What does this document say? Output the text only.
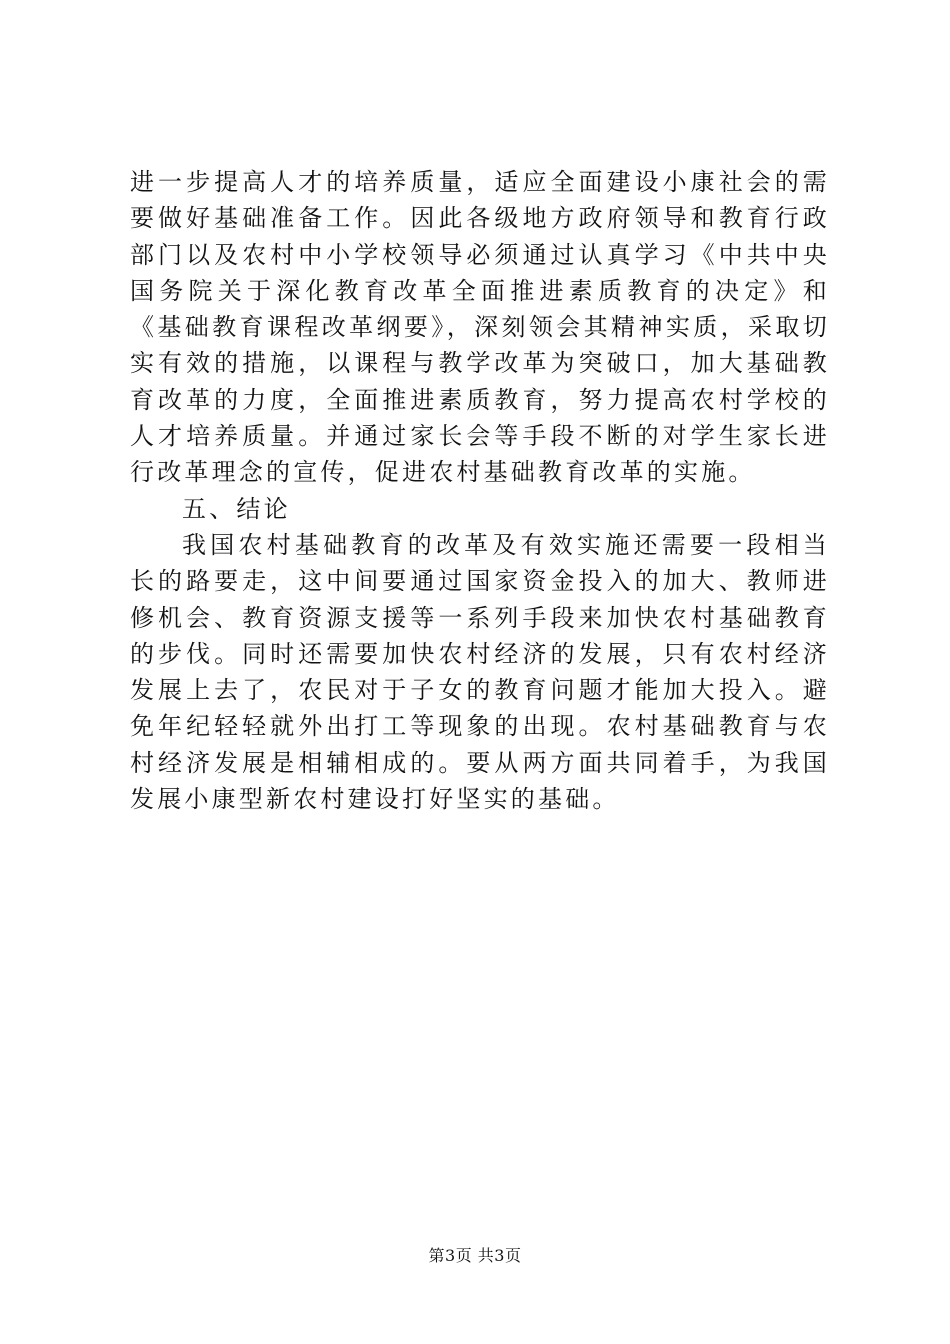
进一步提高人才的培养质量，适应全面建设小康社会的需要做好基础准备工作。因此各级地方政府领导和教育行政部门以及农村中小学校领导必须通过认真学习《中共中央国务院关于深化教育改革全面推进素质教育的决定》和《基础教育课程改革纲要》，深刻领会其精神实质，采取切实有效的措施，以课程与教学改革为突破口，加大基础教育改革的力度，全面推进素质教育，努力提高农村学校的人才培养质量。并通过家长会等手段不断的对学生家长进行改革理念的宣传，促进农村基础教育改革的实施。

五、结论

我国农村基础教育的改革及有效实施还需要一段相当长的路要走，这中间要通过国家资金投入的加大、教师进修机会、教育资源支援等一系列手段来加快农村基础教育的步伐。同时还需要加快农村经济的发展，只有农村经济发展上去了，农民对于子女的教育问题才能加大投入。避免年纪轻轻就外出打工等现象的出现。农村基础教育与农村经济发展是相辅相成的。要从两方面共同着手，为我国发展小康型新农村建设打好坚实的基础。

第3页 共3页
